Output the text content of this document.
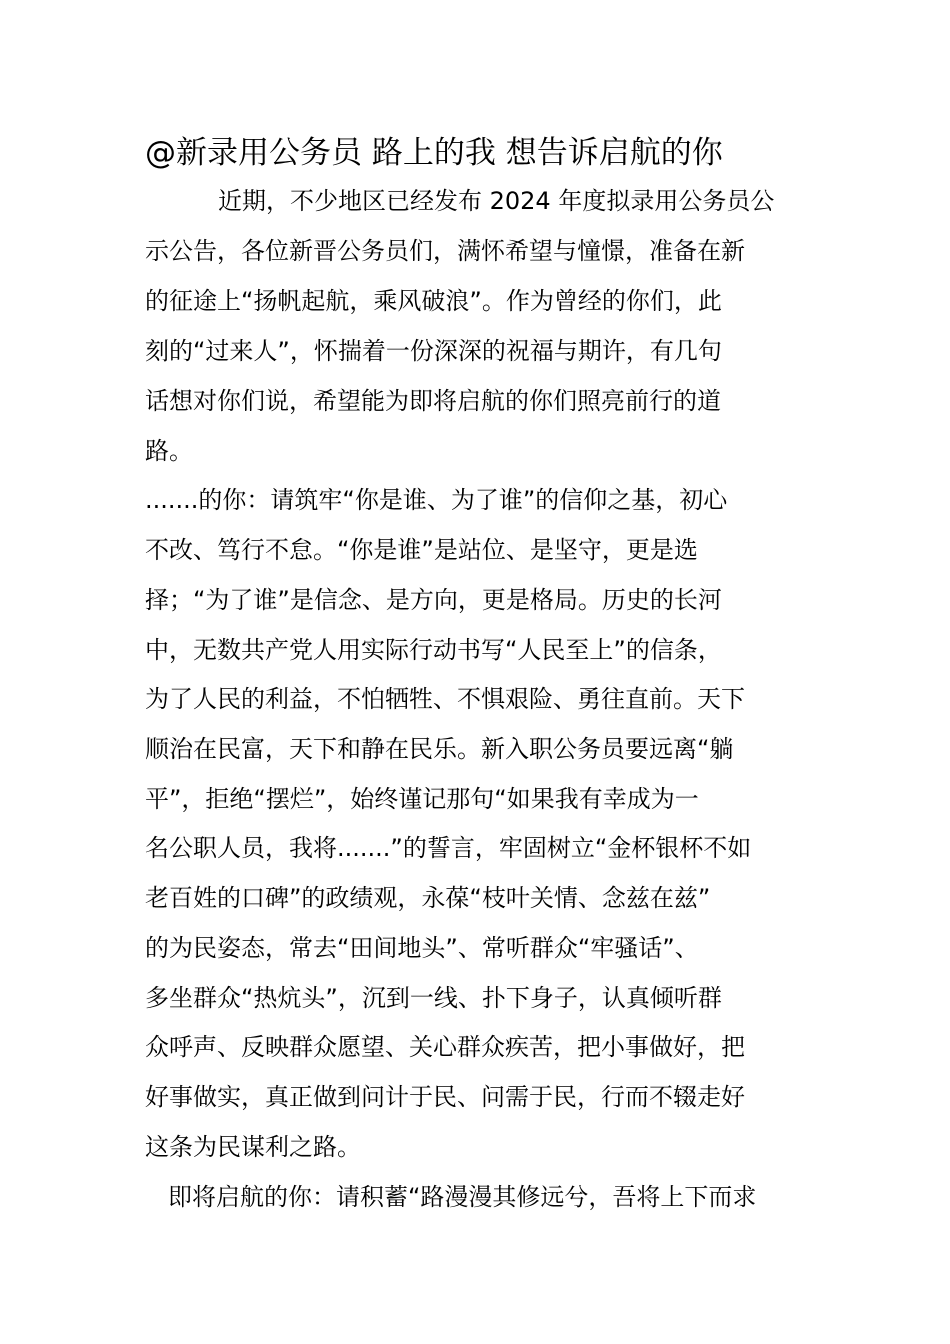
@新录用公务员 路上的我 想告诉启航的你
近期，不少地区已经发布 2024 年度拟录用公务员公
示公告，各位新晋公务员们，满怀希望与憧憬，准备在新
的征途上“扬帆起航，乘风破浪”。作为曾经的你们，此
刻的“过来人”，怀揣着一份深深的祝福与期许，有几句
话想对你们说，希望能为即将启航的你们照亮前行的道
路。
.......的你：请筑牢“你是谁、为了谁”的信仰之基，初心
不改、笃行不怠。“你是谁”是站位、是坚守，更是选
择；“为了谁”是信念、是方向，更是格局。历史的长河
中，无数共产党人用实际行动书写“人民至上”的信条，
为了人民的利益，不怕牺牲、不惧艰险、勇往直前。天下
顺治在民富，天下和静在民乐。新入职公务员要远离“躺
平”，拒绝“摆烂”，始终谨记那句“如果我有幸成为一
名公职人员，我将.......”的誓言，牢固树立“金杯银杯不如
老百姓的口碑”的政绩观，永葆“枝叶关情、念兹在兹”
的为民姿态，常去“田间地头”、常听群众“牢骚话”、
多坐群众“热炕头”，沉到一线、扑下身子，认真倾听群
众呼声、反映群众愿望、关心群众疾苦，把小事做好，把
好事做实，真正做到问计于民、问需于民，行而不辍走好
这条为民谋利之路。
即将启航的你：请积蓄“路漫漫其修远兮，吾将上下而求
